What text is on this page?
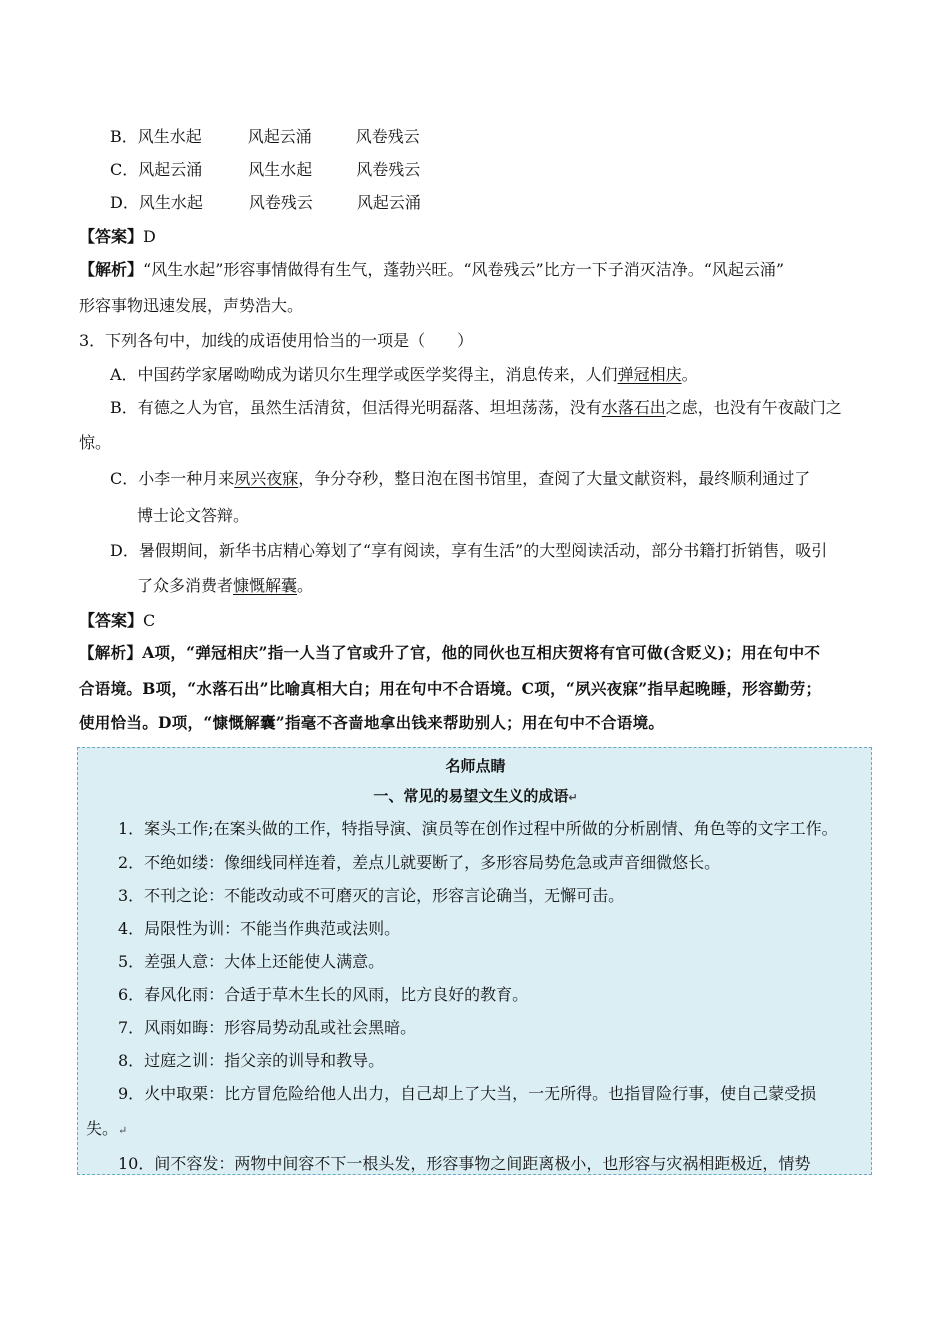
B．风生水起	风起云涌	风卷残云
C．风起云涌	风生水起	风卷残云
D．风生水起	风卷残云	风起云涌
【答案】D
【解析】“风生水起”形容事情做得有生气，蓬勃兴旺。“风卷残云”比方一下子消灭洁净。“风起云涌”
形容事物迅速发展，声势浩大。
3．下列各句中，加线的成语使用恰当的一项是（　　）
A．中国药学家屠呦呦成为诺贝尔生理学或医学奖得主，消息传来，人们弹冠相庆。
B．有德之人为官，虽然生活清贫，但活得光明磊落、坦坦荡荡，没有水落石出之虑，也没有午夜敲门之
惊。
C．小李一种月来夙兴夜寐，争分夺秒，整日泡在图书馆里，查阅了大量文献资料，最终顺利通过了
博士论文答辩。
D．暑假期间，新华书店精心筹划了“享有阅读，享有生活”的大型阅读活动，部分书籍打折销售，吸引
了众多消费者慷慨解囊。
【答案】C
【解析】A项，“弹冠相庆”指一人当了官或升了官，他的同伙也互相庆贺将有官可做(含贬义)；用在句中不
合语境。B项，“水落石出”比喻真相大白；用在句中不合语境。C项，“夙兴夜寐”指早起晚睡，形容勤劳；
使用恰当。D项，“慷慨解囊”指毫不吝啬地拿出钱来帮助别人；用在句中不合语境。
名师点睛
一、常见的易望文生义的成语↵
1．案头工作;在案头做的工作，特指导演、演员等在创作过程中所做的分析剧情、角色等的文字工作。
2．不绝如缕：像细线同样连着，差点儿就要断了，多形容局势危急或声音细微悠长。
3．不刊之论：不能改动或不可磨灭的言论，形容言论确当，无懈可击。
4．局限性为训：不能当作典范或法则。
5．差强人意：大体上还能使人满意。
6．春风化雨：合适于草木生长的风雨，比方良好的教育。
7．风雨如晦：形容局势动乱或社会黑暗。
8．过庭之训：指父亲的训导和教导。
9．火中取栗：比方冒危险给他人出力，自己却上了大当，一无所得。也指冒险行事，使自己蒙受损
失。↵
10．间不容发：两物中间容不下一根头发，形容事物之间距离极小，也形容与灾祸相距极近，情势
